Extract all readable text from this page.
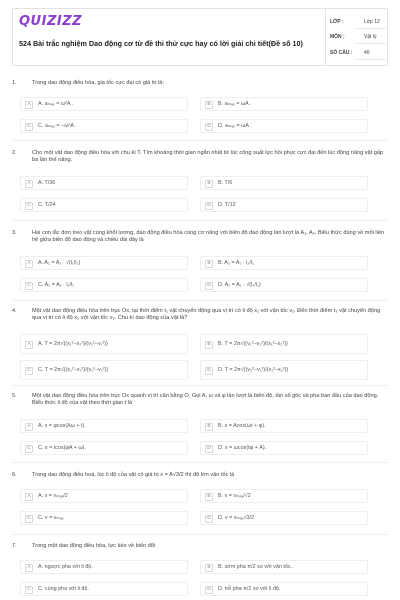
QUIZIZZ
524 Bài trắc nghiệm Dao động cơ từ đề thi thử cực hay có lời giải chi tiết(Đề số 10)
LỚP :	Lớp 12
MÔN :	Vật lý
SỐ CÂU : 40
1.	Trong dao động điều hòa, gia tốc cực đại có giá trị là:
A	A. aₘₐₓ = ω²A .	B	B. aₘₐₓ = ωA .
C	C. aₘₐₓ = −ω²A .	D	D. aₘₐₓ = ωA .
2.	Cho một vật dao động điều hòa với chu kì T. Tìm khoảng thời gian ngắn nhất từ lúc công suất lực hồi phục cực đại đến lúc động năng vật gấp ba lần thế năng.
A	A. T/36	B	B. T/6
C	C. T/24	D	D. T/12
3.	Hai con lắc đơn treo vật cùng khối lượng, dao động điều hòa cùng cơ năng với biên độ dao động lần lượt là A₁, A₂. Biểu thức đúng về mối liên hệ giữa biên độ dao động và chiều dài dây là
A	A. A₂ = A₁ · √(l₁/l₂)	B	B. A₂ = A₁ · l₂/l₁
C	C. A₂ = A₁ · l₁/l₂	D	D. A₂ = A₁ · √(l₂/l₁)
4.	Một vật dao động điều hòa trên trục Ox, tại thời điểm t₁ vật chuyển động qua vị trí có li độ x₁ với vận tốc v₁. Đến thời điểm t₂ vật chuyển động qua vị trí có li độ x₂ với vận tốc v₂. Chu kì dao động của vật là?
A	A. T = 2π√((x₁²−x₂²)/(v₂²−v₁²))	B	B. T = 2π√((v₁²−v₂²)/(x₁²−x₂²))
C	C. T = 2π√((x₁²−x₂²)/(v₁²−v₂²))	D	D. T = 2π√((v₂²−v₁²)/(x₁²−x₂²))
5.	Một vật dao động điều hòa trên trục Ox quanh vị trí cân bằng O. Gọi A, ω và φ lần lượt là biên độ, tần số góc và pha ban đầu của dao động. Biểu thức li độ của vật theo thời gian t là
A	A. x = φcos(Aω + t).	B	B. x = Acos(ωt + φ).
C	C. x = tcos(φA + ω).	D	D. x = ωcos(tφ + A).
6.	Trong dao động điều hoà, lúc li độ của vật có giá trị x = A√3/2 thì độ lớn vận tốc là
A	A. v = vₘₐₓ/2	B	B. v = vₘₐₓ/√2
C	C. v = vₘₐₓ	D	D. v = vₘₐₓ√3/2
7.	Trong một dao động điều hòa, lực kéo về biến đổi
A	A. ngược pha với li độ.	B	B. sớm pha π/2 so với vận tốc.
C	C. cùng pha với li độ.	D	D. trễ pha π/2 so với li độ.
